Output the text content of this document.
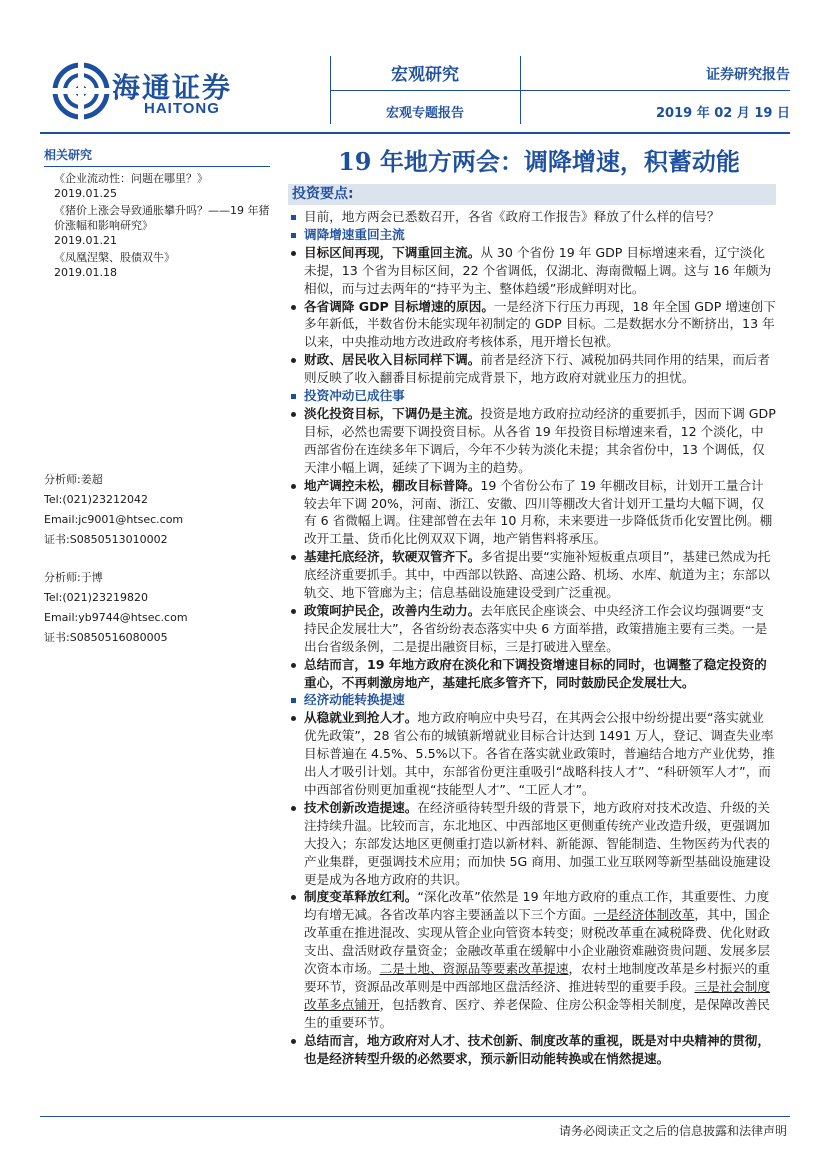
海通证券
HAITONG
宏观研究
宏观专题报告
证券研究报告
2019 年 02 月 19 日
19 年地方两会：调降增速，积蓄动能
相关研究
《企业流动性：问题在哪里？》
2019.01.25
《猪价上涨会导致通胀攀升吗？——19 年猪价涨幅和影响研究》
2019.01.21
《凤凰涅槃、股债双牛》
2019.01.18
分析师:姜超
Tel:(021)23212042
Email:jc9001@htsec.com
证书:S0850513010002
分析师:于博
Tel:(021)23219820
Email:yb9744@htsec.com
证书:S0850516080005
投资要点:
目前，地方两会已悉数召开，各省《政府工作报告》释放了什么样的信号？
调降增速重回主流
目标区间再现，下调重回主流。从 30 个省份 19 年 GDP 目标增速来看，辽宁淡化未提，13 个省为目标区间，22 个省调低，仅湖北、海南微幅上调。这与 16 年颇为相似，而与过去两年的“持平为主、整体趋缓”形成鲜明对比。
各省调降 GDP 目标增速的原因。一是经济下行压力再现，18 年全国 GDP 增速创下多年新低，半数省份未能实现年初制定的 GDP 目标。二是数据水分不断挤出，13 年以来，中央推动地方改进政府考核体系，甩开增长包袱。
财政、居民收入目标同样下调。前者是经济下行、减税加码共同作用的结果，而后者则反映了收入翻番目标提前完成背景下，地方政府对就业压力的担忧。
投资冲动已成往事
淡化投资目标，下调仍是主流。投资是地方政府拉动经济的重要抓手，因而下调 GDP 目标，必然也需要下调投资目标。从各省 19 年投资目标增速来看，12 个淡化，中西部省份在连续多年下调后，今年不少转为淡化未提；其余省份中，13 个调低，仅天津小幅上调，延续了下调为主的趋势。
地产调控未松，棚改目标普降。19 个省份公布了 19 年棚改目标，计划开工量合计较去年下调 20%，河南、浙江、安徽、四川等棚改大省计划开工量均大幅下调，仅有 6 省微幅上调。住建部曾在去年 10 月称，未来要进一步降低货币化安置比例。棚改开工量、货币化比例双双下调，地产销售料将承压。
基建托底经济，软硬双管齐下。多省提出要“实施补短板重点项目”，基建已然成为托底经济重要抓手。其中，中西部以铁路、高速公路、机场、水库、航道为主；东部以轨交、地下管廊为主；信息基础设施建设受到广泛重视。
政策呵护民企，改善内生动力。去年底民企座谈会、中央经济工作会议均强调要“支持民企发展壮大”，各省纷纷表态落实中央 6 方面举措，政策措施主要有三类。一是出台省级条例，二是提出融资目标，三是打破进入壁垒。
总结而言，19 年地方政府在淡化和下调投资增速目标的同时，也调整了稳定投资的重心，不再刺激房地产，基建托底多管齐下，同时鼓励民企发展壮大。
经济动能转换提速
从稳就业到抢人才。地方政府响应中央号召，在其两会公报中纷纷提出要“落实就业优先政策”，28 省公布的城镇新增就业目标合计达到 1491 万人，登记、调查失业率目标普遍在 4.5%、5.5%以下。各省在落实就业政策时，普遍结合地方产业优势，推出人才吸引计划。其中，东部省份更注重吸引“战略科技人才”、“科研领军人才”，而中西部省份则更加重视“技能型人才”、“工匠人才”。
技术创新改造提速。在经济亟待转型升级的背景下，地方政府对技术改造、升级的关注持续升温。比较而言，东北地区、中西部地区更侧重传统产业改造升级，更强调加大投入；东部发达地区更侧重打造以新材料、新能源、智能制造、生物医药为代表的产业集群，更强调技术应用；而加快 5G 商用、加强工业互联网等新型基础设施建设更是成为各地方政府的共识。
制度变革释放红利。“深化改革”依然是 19 年地方政府的重点工作，其重要性、力度均有增无减。各省改革内容主要涵盖以下三个方面。一是经济体制改革，其中，国企改革重在推进混改、实现从管企业向管资本转变；财税改革重在减税降费、优化财政支出、盘活财政存量资金；金融改革重在缓解中小企业融资难融资贵问题、发展多层次资本市场。二是土地、资源品等要素改革提速，农村土地制度改革是乡村振兴的重要环节，资源品改革则是中西部地区盘活经济、推进转型的重要手段。三是社会制度改革多点铺开，包括教育、医疗、养老保险、住房公积金等相关制度，是保障改善民生的重要环节。
总结而言，地方政府对人才、技术创新、制度改革的重视，既是对中央精神的贯彻，也是经济转型升级的必然要求，预示新旧动能转换或在悄然提速。
请务必阅读正文之后的信息披露和法律声明
